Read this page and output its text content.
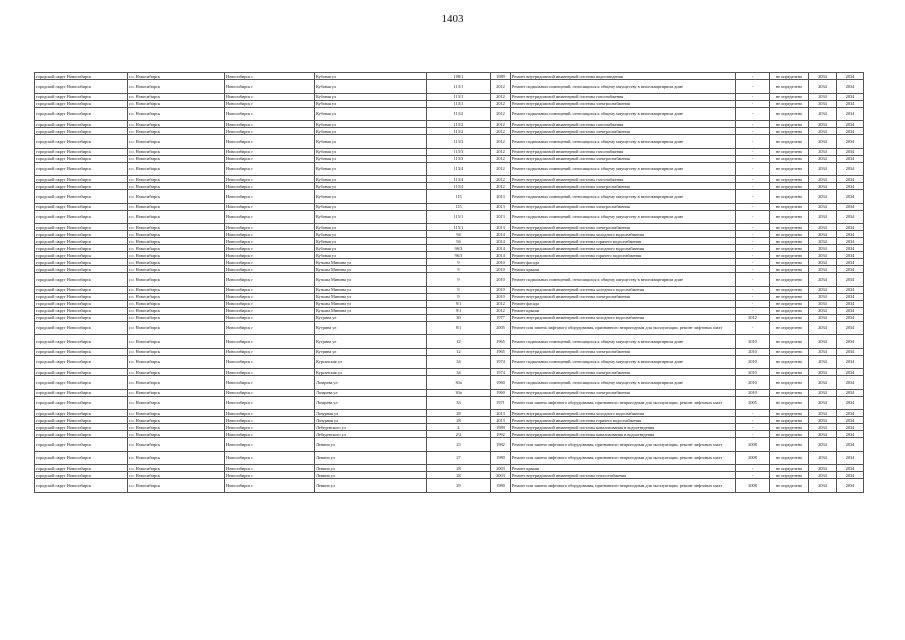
1403
городской округ Новосибирск	г.о. Новосибирск	Новосибирск г	Кубовая ул	108/1	1989	Ремонт внутридомовой инженерной системы водоотведения	-	не определено	2034	2034
городской округ Новосибирск	г.о. Новосибирск	Новосибирск г	Кубовая ул	113/1	2012	Ремонт подвальных помещений, относящихся к общему имуществу в многоквартирном доме	-	не определено	2034	2034
городской округ Новосибирск	г.о. Новосибирск	Новосибирск г	Кубовая ул	113/1	2012	Ремонт внутридомовой инженерной системы газоснабжения	-	не определено	2034	2034
городской округ Новосибирск	г.о. Новосибирск	Новосибирск г	Кубовая ул	113/1	2012	Ремонт внутридомовой инженерной системы электроснабжения	-	не определено	2034	2034
городской округ Новосибирск	г.о. Новосибирск	Новосибирск г	Кубовая ул	113/2	2012	Ремонт подвальных помещений, относящихся к общему имуществу в многоквартирном доме	-	не определено	2034	2034
городской округ Новосибирск	г.о. Новосибирск	Новосибирск г	Кубовая ул	113/2	2012	Ремонт внутридомовой инженерной системы газоснабжения	-	не определено	2034	2034
городской округ Новосибирск	г.о. Новосибирск	Новосибирск г	Кубовая ул	113/2	2012	Ремонт внутридомовой инженерной системы электроснабжения	-	не определено	2034	2034
городской округ Новосибирск	г.о. Новосибирск	Новосибирск г	Кубовая ул	113/3	2012	Ремонт подвальных помещений, относящихся к общему имуществу в многоквартирном доме	-	не определено	2034	2034
городской округ Новосибирск	г.о. Новосибирск	Новосибирск г	Кубовая ул	113/3	2012	Ремонт внутридомовой инженерной системы газоснабжения	-	не определено	2034	2034
городской округ Новосибирск	г.о. Новосибирск	Новосибирск г	Кубовая ул	113/3	2012	Ремонт внутридомовой инженерной системы электроснабжения	-	не определено	2034	2034
городской округ Новосибирск	г.о. Новосибирск	Новосибирск г	Кубовая ул	113/4	2012	Ремонт подвальных помещений, относящихся к общему имуществу в многоквартирном доме	-	не определено	2034	2034
городской округ Новосибирск	г.о. Новосибирск	Новосибирск г	Кубовая ул	113/4	2012	Ремонт внутридомовой инженерной системы газоснабжения	-	не определено	2034	2034
городской округ Новосибирск	г.о. Новосибирск	Новосибирск г	Кубовая ул	113/4	2012	Ремонт внутридомовой инженерной системы электроснабжения	-	не определено	2034	2034
городской округ Новосибирск	г.о. Новосибирск	Новосибирск г	Кубовая ул	115	2013	Ремонт подвальных помещений, относящихся к общему имуществу в многоквартирном доме	-	не определено	2034	2034
городской округ Новосибирск	г.о. Новосибирск	Новосибирск г	Кубовая ул	115	2013	Ремонт внутридомовой инженерной системы электроснабжения	-	не определено	2034	2034
городской округ Новосибирск	г.о. Новосибирск	Новосибирск г	Кубовая ул	115/1	2013	Ремонт подвальных помещений, относящихся к общему имуществу в многоквартирном доме	-	не определено	2034	2034
городской округ Новосибирск	г.о. Новосибирск	Новосибирск г	Кубовая ул	115/1	2013	Ремонт внутридомовой инженерной системы электроснабжения	-	не определено	2034	2034
городской округ Новосибирск	г.о. Новосибирск	Новосибирск г	Кубовая ул	94	2014	Ремонт внутридомовой инженерной системы холодного водоснабжения	-	не определено	2034	2034
городской округ Новосибирск	г.о. Новосибирск	Новосибирск г	Кубовая ул	94	2014	Ремонт внутридомовой инженерной системы горячего водоснабжения	-	не определено	2034	2034
городской округ Новосибирск	г.о. Новосибирск	Новосибирск г	Кубовая ул	96/3	2014	Ремонт внутридомовой инженерной системы холодного водоснабжения	-	не определено	2034	2034
городской округ Новосибирск	г.о. Новосибирск	Новосибирск г	Кубовая ул	96/3	2014	Ремонт внутридомовой инженерной системы горячего водоснабжения	-	не определено	2034	2034
городской округ Новосибирск	г.о. Новосибирск	Новосибирск г	Кузьмы Минина ул	9	2010	Ремонт фасада	-	не определено	2034	2034
городской округ Новосибирск	г.о. Новосибирск	Новосибирск г	Кузьмы Минина ул	9	2010	Ремонт крыши	-	не определено	2034	2034
городской округ Новосибирск	г.о. Новосибирск	Новосибирск г	Кузьмы Минина ул	9	2010	Ремонт подвальных помещений, относящихся к общему имуществу в многоквартирном доме	-	не определено	2034	2034
городской округ Новосибирск	г.о. Новосибирск	Новосибирск г	Кузьмы Минина ул	9	2010	Ремонт внутридомовой инженерной системы холодного водоснабжения	-	не определено	2034	2034
городской округ Новосибирск	г.о. Новосибирск	Новосибирск г	Кузьмы Минина ул	9	2010	Ремонт внутридомовой инженерной системы электроснабжения	-	не определено	2034	2034
городской округ Новосибирск	г.о. Новосибирск	Новосибирск г	Кузьмы Минина ул	9/1	2012	Ремонт фасада	-	не определено	2034	2034
городской округ Новосибирск	г.о. Новосибирск	Новосибирск г	Кузьмы Минина ул	9/1	2012	Ремонт крыши	-	не определено	2034	2034
городской округ Новосибирск	г.о. Новосибирск	Новосибирск г	Кутрина ул	30	1977	Ремонт внутридомовой инженерной системы холодного водоснабжения	2012	не определено	2034	2034
городской округ Новосибирск	г.о. Новосибирск	Новосибирск г	Кутрина ул	8/1	2005	Ремонт или замена лифтового оборудования, признанного непригодным для эксплуатации, ремонт лифтовых шахт	-	не определено	2034	2034
городской округ Новосибирск	г.о. Новосибирск	Новосибирск г	Кутрина ул	12	1965	Ремонт подвальных помещений, относящихся к общему имуществу в многоквартирном доме	2010	не определено	2034	2034
городской округ Новосибирск	г.о. Новосибирск	Новосибирск г	Кутрина ул	12	1965	Ремонт внутридомовой инженерной системы электроснабжения	2010	не определено	2034	2034
городской округ Новосибирск	г.о. Новосибирск	Новосибирск г	Курганская ул	34	1974	Ремонт подвальных помещений, относящихся к общему имуществу в многоквартирном доме	2010	не определено	2034	2034
городской округ Новосибирск	г.о. Новосибирск	Новосибирск г	Курганская ул	34	1974	Ремонт внутридомовой инженерной системы электроснабжения	2010	не определено	2034	2034
городской округ Новосибирск	г.о. Новосибирск	Новосибирск г	Лазарева ул	30а	1960	Ремонт подвальных помещений, относящихся к общему имуществу в многоквартирном доме	2010	не определено	2034	2034
городской округ Новосибирск	г.о. Новосибирск	Новосибирск г	Лазарева ул	30а	1960	Ремонт внутридомовой инженерной системы электроснабжения	2010	не определено	2034	2034
городской округ Новосибирск	г.о. Новосибирск	Новосибирск г	Лазарева ул	33	1971	Ремонт или замена лифтового оборудования, признанного непригодным для эксплуатации, ремонт лифтовых шахт	2005	не определено	2034	2034
городской округ Новосибирск	г.о. Новосибирск	Новосибирск г	Лазурная ул	28	2013	Ремонт внутридомовой инженерной системы холодного водоснабжения	-	не определено	2034	2034
городской округ Новосибирск	г.о. Новосибирск	Новосибирск г	Лазурная ул	28	2013	Ремонт внутридомовой инженерной системы горячего водоснабжения	-	не определено	2034	2034
городской округ Новосибирск	г.о. Новосибирск	Новосибирск г	Лебедевского ул	4	1989	Ремонт внутридомовой инженерной системы канализования и водоотведения	-	не определено	2034	2034
городской округ Новосибирск	г.о. Новосибирск	Новосибирск г	Лебедевского ул	2/2	1992	Ремонт внутридомовой инженерной системы канализования и водоотведения	-	не определено	2034	2034
городской округ Новосибирск	г.о. Новосибирск	Новосибирск г	Ленина ул	25	1982	Ремонт или замена лифтового оборудования, признанного непригодным для эксплуатации, ремонт лифтовых шахт	2008	не определено	2034	2034
городской округ Новосибирск	г.о. Новосибирск	Новосибирск г	Ленина ул	27	1980	Ремонт или замена лифтового оборудования, признанного непригодным для эксплуатации, ремонт лифтовых шахт	2008	не определено	2034	2034
городской округ Новосибирск	г.о. Новосибирск	Новосибирск г	Ленина ул	28	2003	Ремонт крыши	-	не определено	2034	2034
городской округ Новосибирск	г.о. Новосибирск	Новосибирск г	Ленина ул	28	2003	Ремонт внутридомовой инженерной системы теплоснабжения	-	не определено	2034	2034
городской округ Новосибирск	г.о. Новосибирск	Новосибирск г	Ленина ул	29	1980	Ремонт или замена лифтового оборудования, признанного непригодным для эксплуатации, ремонт лифтовых шахт	2008	не определено	2034	2034
